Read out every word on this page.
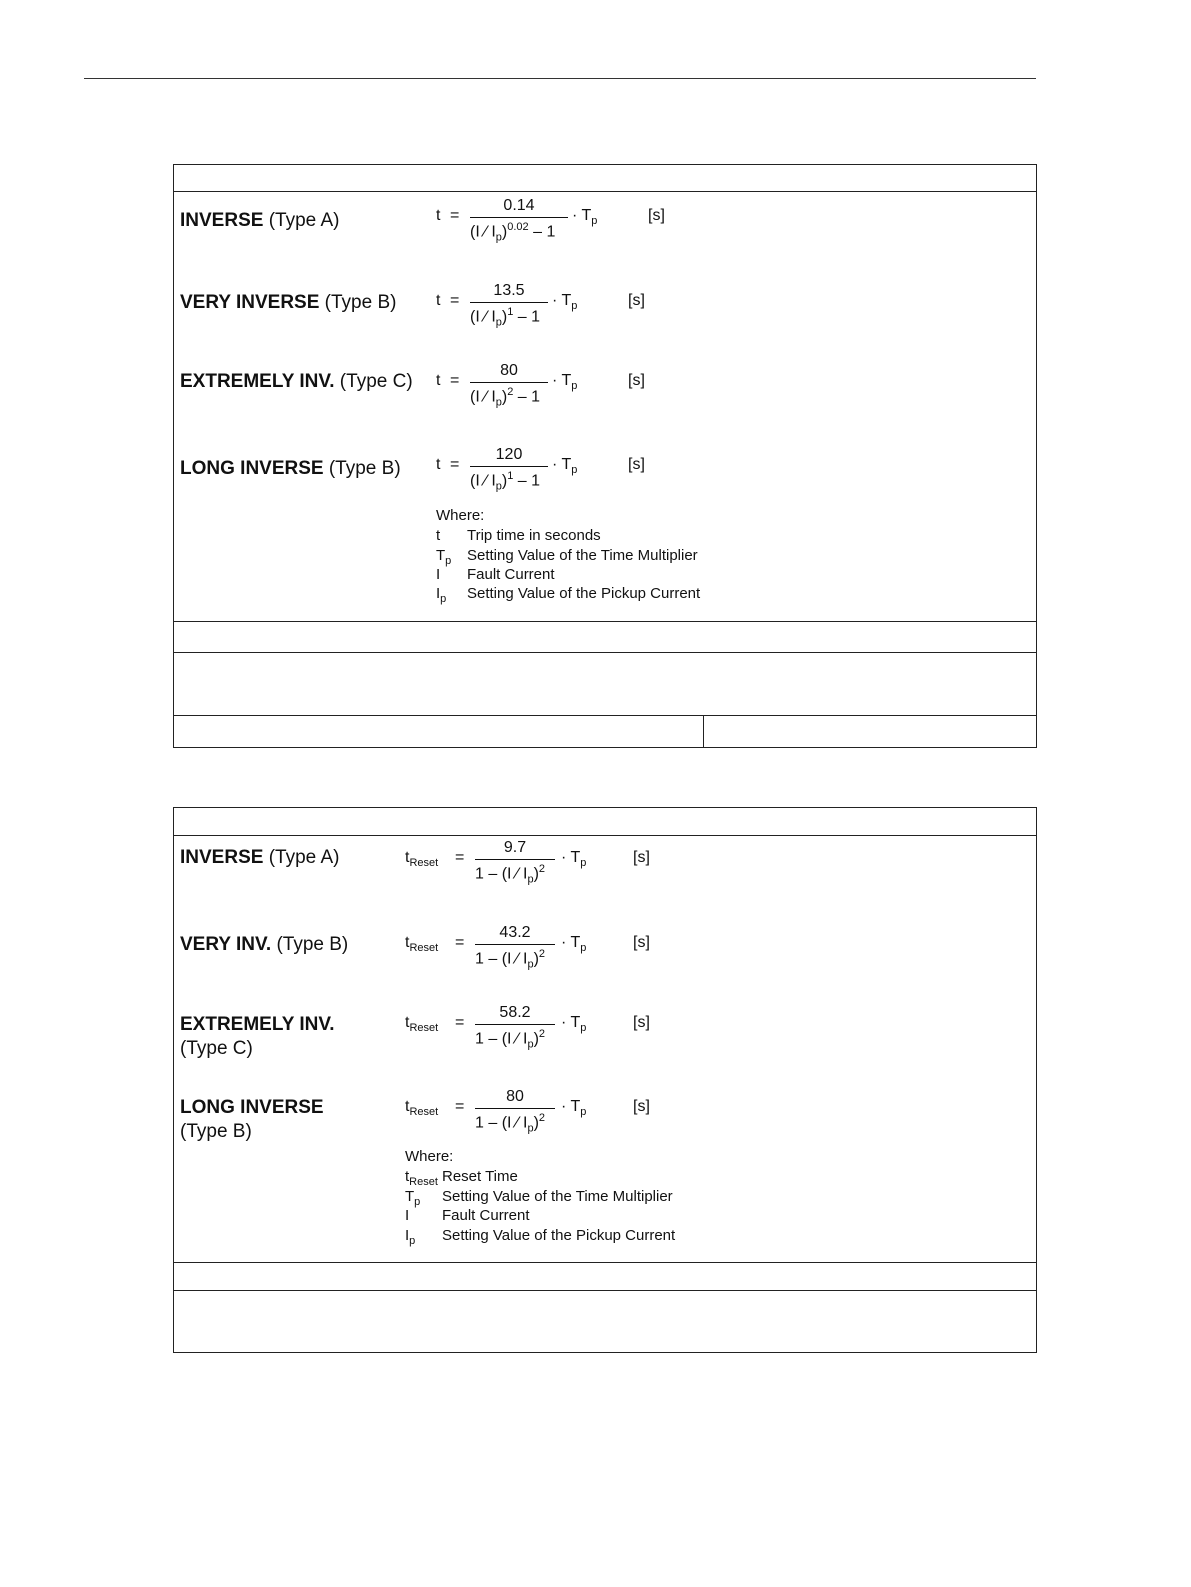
INVERSE (Type A)	t =
0.14
(I ⁄ $I_p)^{0.02} - 1$
· $T_p$	[s]
VERY INVERSE (Type B) t =
13.5
(I ⁄ $I_p)^1 - 1$
· $T_p$	[s]
EXTREMELY INV. (Type C) t =
80
(I ⁄ $I_p)^2 - 1$
· $T_p$	[s]
LONG INVERSE (Type B) t =
120
(I ⁄ $I_p)^1 - 1$
· $T_p$	[s]
Where:
t Trip time in seconds
$T_p$ Setting Value of the Time Multiplier
I Fault Current
$I_p$ Setting Value of the Pickup Current
INVERSE (Type A)	$t_{Reset}$ =
9.7
1 – (I ⁄ $I_p)^2$
· $T_p$	[s]
VERY INV. (Type B)	$t_{Reset}$ =
43.2
1 – (I ⁄ $I_p)^2$
· $T_p$	[s]
EXTREMELY INV.
(Type C)
$t_{Reset}$ =
58.2
1 – (I ⁄ $I_p)^2$
· $T_p$	[s]
LONG INVERSE
(Type B)
$t_{Reset}$ =
80
1 – (I ⁄ $I_p)^2$
· $T_p$	[s]
Where:
$t_{Reset}$ Reset Time
$T_p$ Setting Value of the Time Multiplier
I Fault Current
$I_p$ Setting Value of the Pickup Current
